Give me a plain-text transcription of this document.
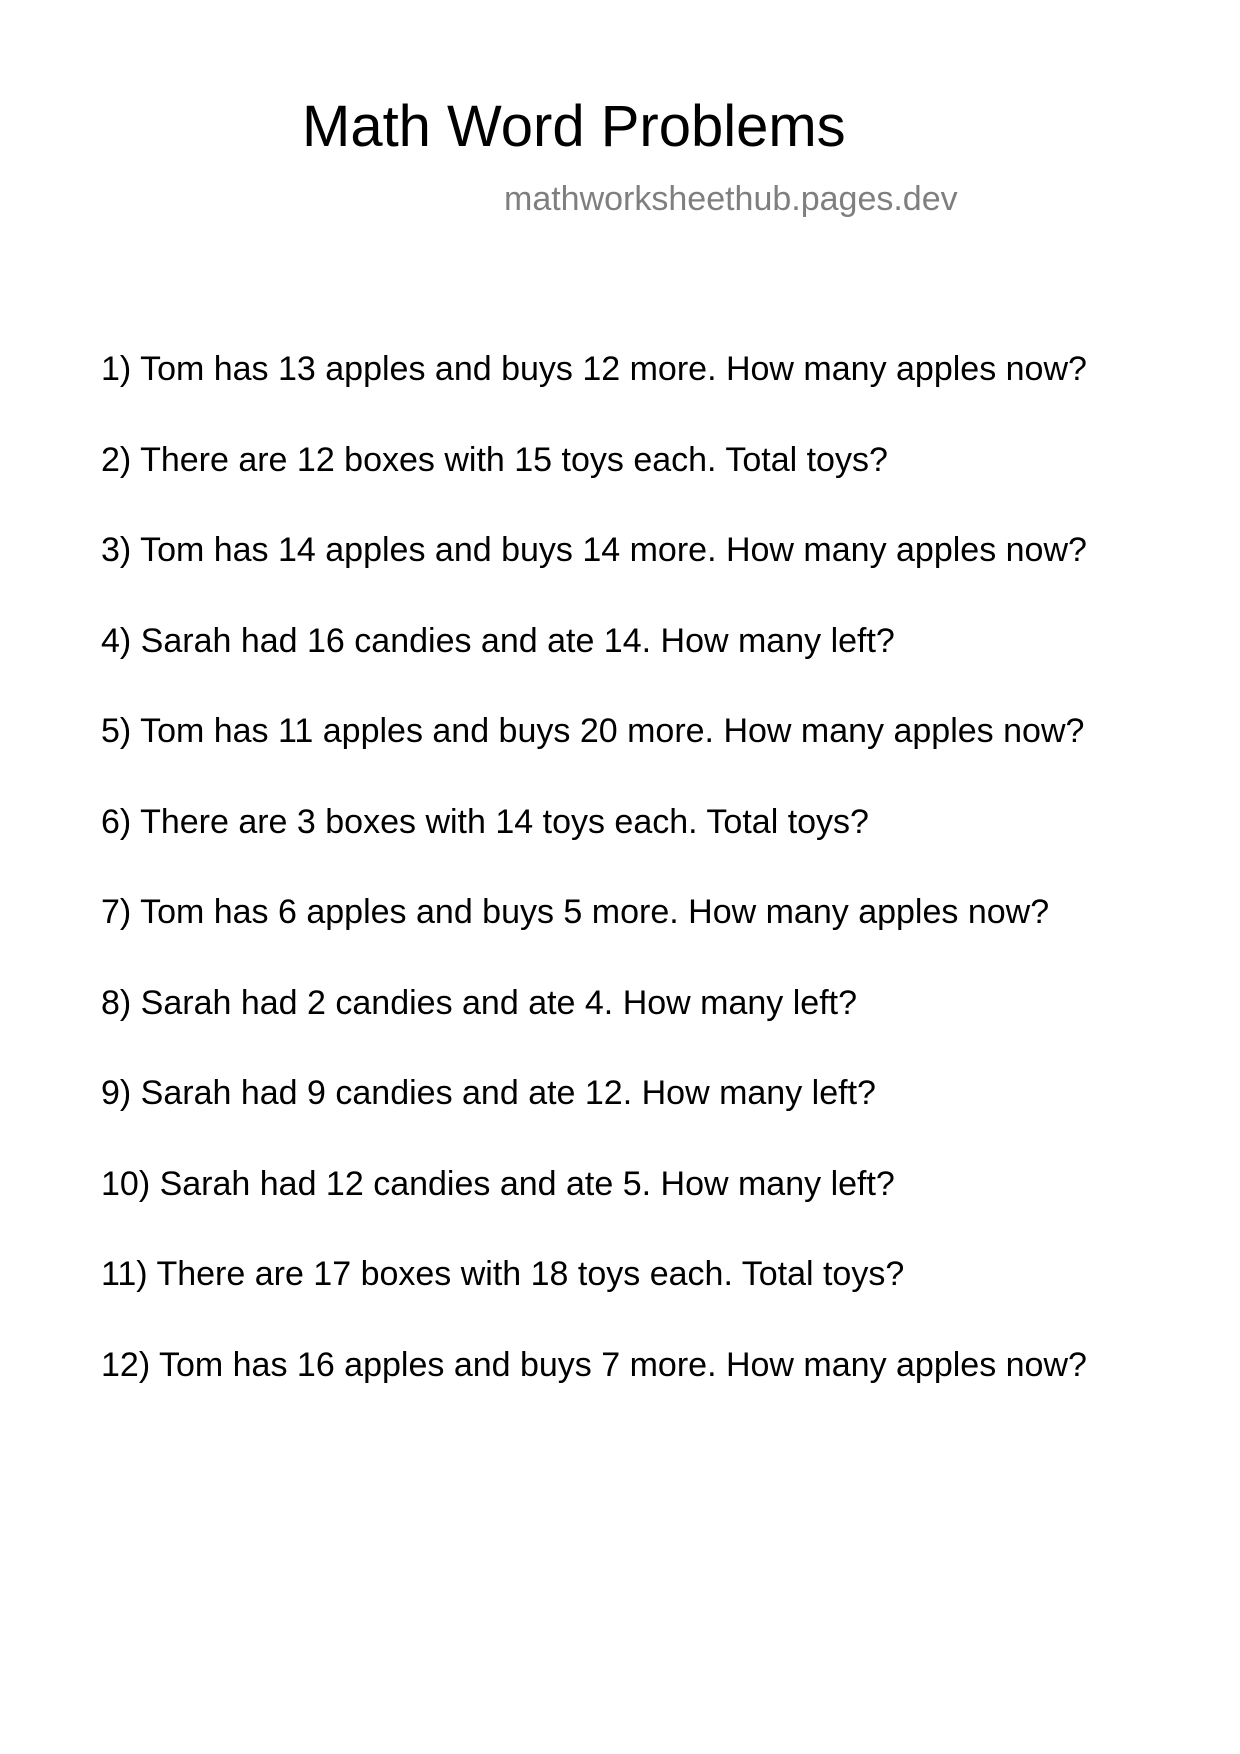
Math Word Problems

mathworksheethub.pages.dev

1) Tom has 13 apples and buys 12 more. How many apples now?
2) There are 12 boxes with 15 toys each. Total toys?
3) Tom has 14 apples and buys 14 more. How many apples now?
4) Sarah had 16 candies and ate 14. How many left?
5) Tom has 11 apples and buys 20 more. How many apples now?
6) There are 3 boxes with 14 toys each. Total toys?
7) Tom has 6 apples and buys 5 more. How many apples now?
8) Sarah had 2 candies and ate 4. How many left?
9) Sarah had 9 candies and ate 12. How many left?
10) Sarah had 12 candies and ate 5. How many left?
11) There are 17 boxes with 18 toys each. Total toys?
12) Tom has 16 apples and buys 7 more. How many apples now?
